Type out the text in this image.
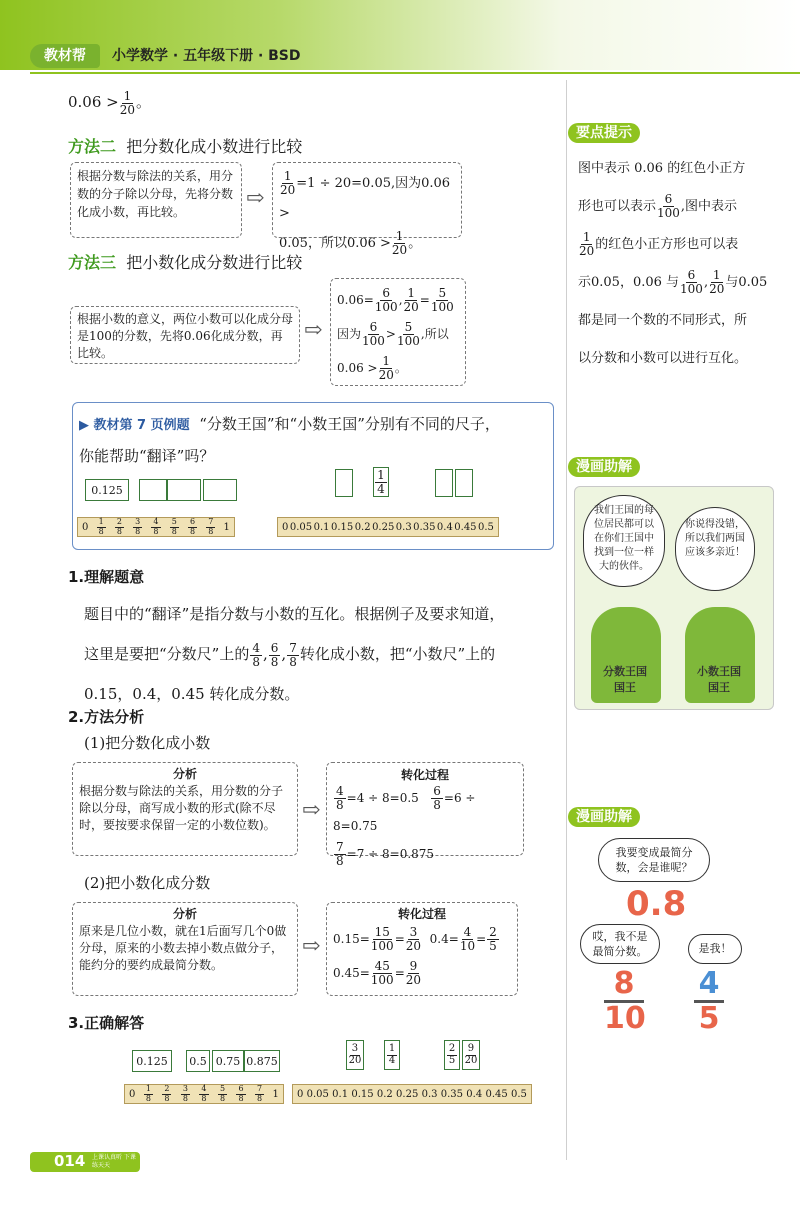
教材帮	小学数学 · 五年级下册 · BSD
$0.06 > \frac{1}{20}$ 。
方法二 把分数化成小数进行比较
根据分数与除法的关系，用分数的分子除以分母，先将分数化成小数，再比较。
⇨
$\frac{1}{20} =1 \div 20=0.05$,因为0.06 >
0.05，所以$0.06 > \frac{1}{20}$ 。
方法三 把小数化成分数进行比较
根据小数的意义，两位小数可以化成分母是100的分数，先将0.06化成分数，再比较。
⇨
$0.06= \frac{6}{100}$ , $\frac{1}{20} = \frac{5}{100}$
因为 $\frac{6}{100} > \frac{5}{100}$ ,所以
$0.06 > \frac{1}{20}$ 。
▶ 教材第 7 页例题 “分数王国”和“小数王国”分别有不同的尺子，
你能帮助“翻译”吗？
0.125
$0 \frac{1}{8} \frac{2}{8} \frac{3}{8} \frac{4}{8} \frac{5}{8} \frac{6}{8} \frac{7}{8} 1$
$\frac{1}{4}$
0 0.05 0.1 0.15 0.2 0.25 0.3 0.35 0.4 0.45 0.5
1.理解题意
题目中的“翻译”是指分数与小数的互化。根据例子及要求知道，
这里是要把“分数尺”上的 $\frac{4}{8}$ , $\frac{6}{8}$ , $\frac{7}{8}$ 转化成小数，把“小数尺”上的
0.15，0.4，0.45 转化成分数。
2.方法分析
(1)把分数化成小数
分析
根据分数与除法的关系，用分数的分子除以分母，商写成小数的形式(除不尽时，要按要求保留一定的小数位数)。
⇨
转化过程
$\frac{4}{8} =4 \div 8=0.5 \frac{6}{8} =6 \div 8=0.75$
$\frac{7}{8} =7 \div 8=0.875$
(2)把小数化成分数
分析
原来是几位小数，就在1后面写几个0做分母，原来的小数去掉小数点做分子，能约分的要约成最简分数。
⇨
转化过程
$0.15= \frac{15}{100} = \frac{3}{20} 0.4= \frac{4}{10} = \frac{2}{5}$
$0.45= \frac{45}{100} = \frac{9}{20}$
3.正确解答
0.125	0.5 0.75 0.875	$\frac{3}{20}$	$\frac{1}{4}$	$\frac{2}{5} \frac{9}{20}$
$0 \frac{1}{8} \frac{2}{8} \frac{3}{8} \frac{4}{8} \frac{5}{8} \frac{6}{8} \frac{7}{8} 1$ 0 0.05 0.1 0.15 0.2 0.25 0.3 0.35 0.4 0.45 0.5
要点提示
图中表示 0.06 的红色小正方
形也可以表示 $\frac{6}{100}$ ,图中表示
$\frac{1}{20}$ 的红色小正方形也可以表
示0.05，0.06 与 $\frac{6}{100}$ , $\frac{1}{20}$ 与0.05
都是同一个数的不同形式，所
以分数和小数可以进行互化。
漫画助解
我们王国的每位居民都可以在你们王国中找到一位一样大的伙伴。
你说得没错，所以我们两国应该多亲近！
分数王国国王
小数王国国王
漫画助解
我要变成最简分数，会是谁呢？
0.8
哎，我不是最简分数。	是我！
8
10
4
5
014 上课认真听 下课练天天
